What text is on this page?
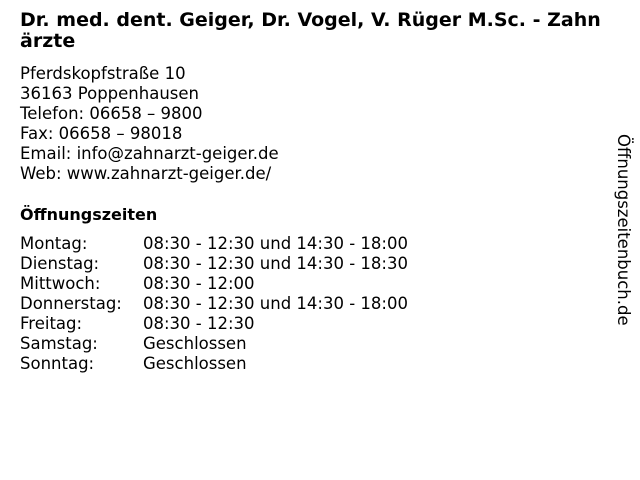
Dr. med. dent. Geiger, Dr. Vogel, V. Rüger M.Sc. - Zahnärzte
Pferdskopfstraße 10
36163 Poppenhausen
Telefon: 06658 – 9800
Fax: 06658 – 98018
Email: info@zahnarzt-geiger.de
Web: www.zahnarzt-geiger.de/
Öffnungszeiten
Montag:	08:30 - 12:30 und 14:30 - 18:00
Dienstag:	08:30 - 12:30 und 14:30 - 18:30
Mittwoch:	08:30 - 12:00
Donnerstag:	08:30 - 12:30 und 14:30 - 18:00
Freitag:	08:30 - 12:30
Samstag:	Geschlossen
Sonntag:	Geschlossen
Öffnungszeitenbuch.de
